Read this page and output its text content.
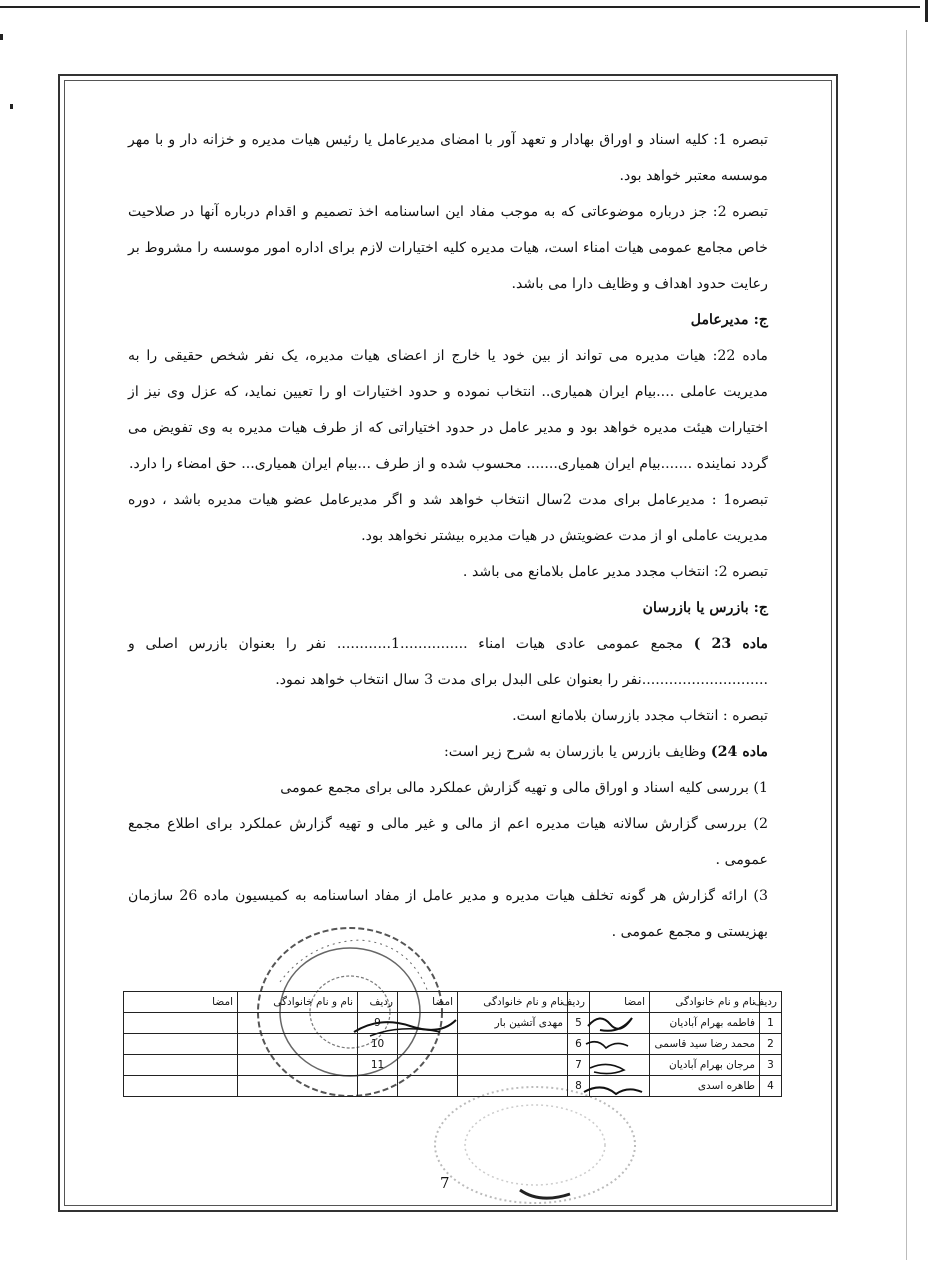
تبصره 1: کلیه اسناد و اوراق بهادار و تعهد آور با امضای مدیرعامل یا رئیس هیات مدیره و خزانه دار و با مهر موسسه معتبر خواهد بود.

تبصره 2: جز درباره موضوعاتی که به موجب مفاد این اساسنامه اخذ تصمیم و اقدام درباره آنها در صلاحیت خاص مجامع عمومی هیات امناء است، هیات مدیره کلیه اختیارات لازم برای اداره امور موسسه را مشروط بر رعایت حدود اهداف و وظایف دارا می باشد.

ج: مدیرعامل

ماده 22: هیات مدیره می تواند از بین خود یا خارج از اعضای هیات مدیره، یک نفر شخص حقیقی را به مدیریت عاملی ....بیام ایران همیاری.. انتخاب نموده و حدود اختیارات او را تعیین نماید، که عزل وی نیز از اختیارات هیئت مدیره خواهد بود و مدیر عامل در حدود اختیاراتی که از طرف هیات مدیره به وی تفویض می گردد نماینده .......بیام ایران همیاری....... محسوب شده و از طرف ...بیام ایران همیاری... حق امضاء را دارد.

تبصره1 : مدیرعامل برای مدت 2سال انتخاب خواهد شد و اگر مدیرعامل عضو هیات مدیره باشد ، دوره مدیریت عاملی او از مدت عضویتش در هیات مدیره بیشتر نخواهد بود.

تبصره 2: انتخاب مجدد مدیر عامل بلامانع می باشد .

ج: بازرس یا بازرسان

ماده 23 ) مجمع عمومی عادی هیات امناء ...............1............ نفر را بعنوان بازرس اصلی و ............................نفر را بعنوان علی البدل برای مدت 3 سال انتخاب خواهد نمود.

تبصره : انتخاب مجدد بازرسان بلامانع است.

ماده 24) وظایف بازرس یا بازرسان به شرح زیر است:

1) بررسی کلیه اسناد و اوراق مالی و تهیه گزارش عملکرد مالی برای مجمع عمومی

2) بررسی گزارش سالانه هیات مدیره اعم از مالی و غیر مالی و تهیه گزارش عملکرد برای اطلاع مجمع عمومی .

3) ارائه گزارش هر گونه تخلف هیات مدیره و مدیر عامل از مفاد اساسنامه به کمیسیون ماده 26 سازمان بهزیستی و مجمع عمومی .

ردیف	نام و نام خانوادگی	امضا	ردیف	نام و نام خانوادگی	امضا	ردیف	نام و نام خانوادگی	امضا
1	فاطمه بهرام آبادیان		5	مهدی آتشین بار		9		
2	محمد رضا سید قاسمی		6			10		
3	مرجان بهرام آبادیان		7			11		
4	طاهره اسدی		8					
7
